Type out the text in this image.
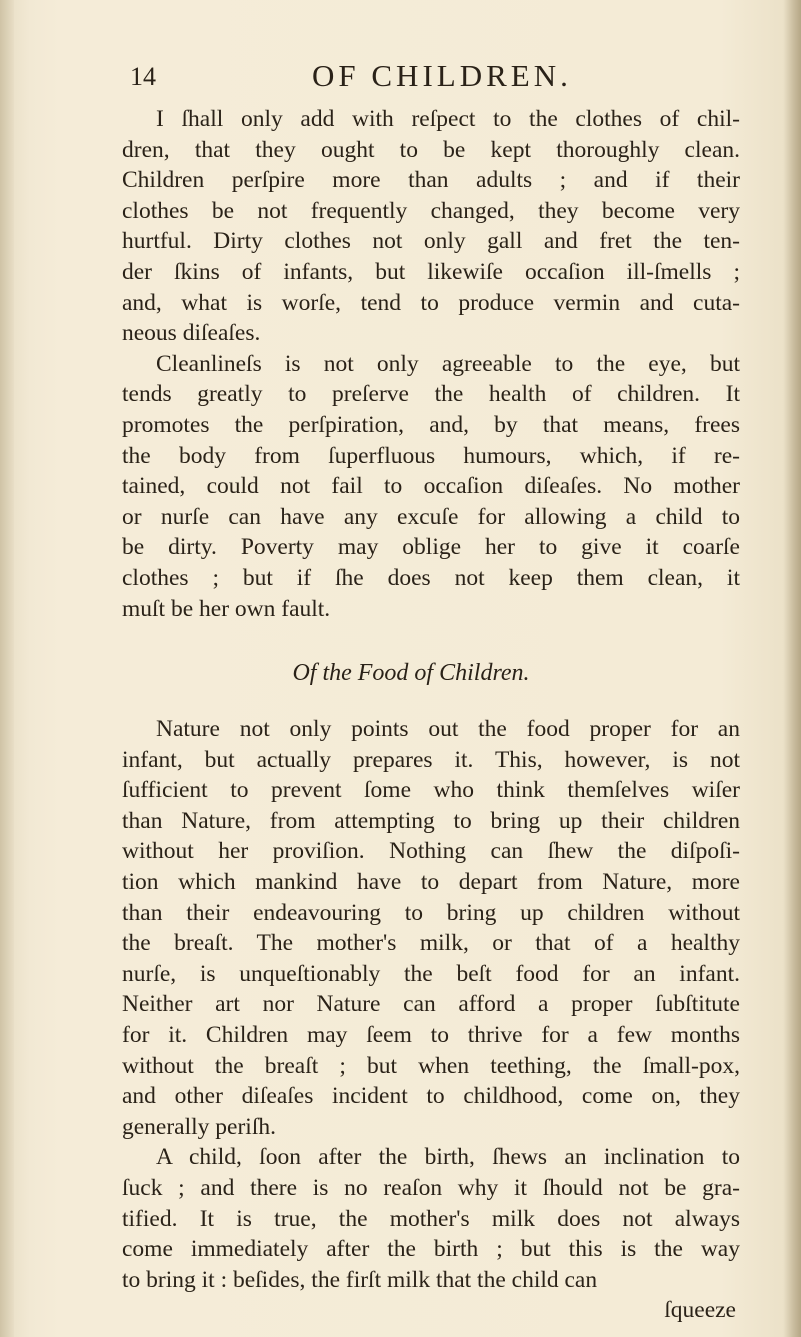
14	OF CHILDREN.
I ſhall only add with reſpect to the clothes of chil-
dren, that they ought to be kept thoroughly clean.
Children perſpire more than adults ; and if their
clothes be not frequently changed, they become very
hurtful. Dirty clothes not only gall and fret the ten-
der ſkins of infants, but likewiſe occaſion ill-ſmells ;
and, what is worſe, tend to produce vermin and cuta-
neous diſeaſes.
Cleanlineſs is not only agreeable to the eye, but
tends greatly to preſerve the health of children. It
promotes the perſpiration, and, by that means, frees
the body from ſuperfluous humours, which, if re-
tained, could not fail to occaſion diſeaſes. No mother
or nurſe can have any excuſe for allowing a child to
be dirty. Poverty may oblige her to give it coarſe
clothes ; but if ſhe does not keep them clean, it
muſt be her own fault.
Of the Food of Children.
Nature not only points out the food proper for an
infant, but actually prepares it. This, however, is not
ſufficient to prevent ſome who think themſelves wiſer
than Nature, from attempting to bring up their children
without her proviſion. Nothing can ſhew the diſpoſi-
tion which mankind have to depart from Nature, more
than their endeavouring to bring up children without
the breaſt. The mother's milk, or that of a healthy
nurſe, is unqueſtionably the beſt food for an infant.
Neither art nor Nature can afford a proper ſubſtitute
for it. Children may ſeem to thrive for a few months
without the breaſt ; but when teething, the ſmall-pox,
and other diſeaſes incident to childhood, come on, they
generally periſh.
A child, ſoon after the birth, ſhews an inclination to
ſuck ; and there is no reaſon why it ſhould not be gra-
tified. It is true, the mother's milk does not always
come immediately after the birth ; but this is the way
to bring it : beſides, the firſt milk that the child can
ſqueeze
